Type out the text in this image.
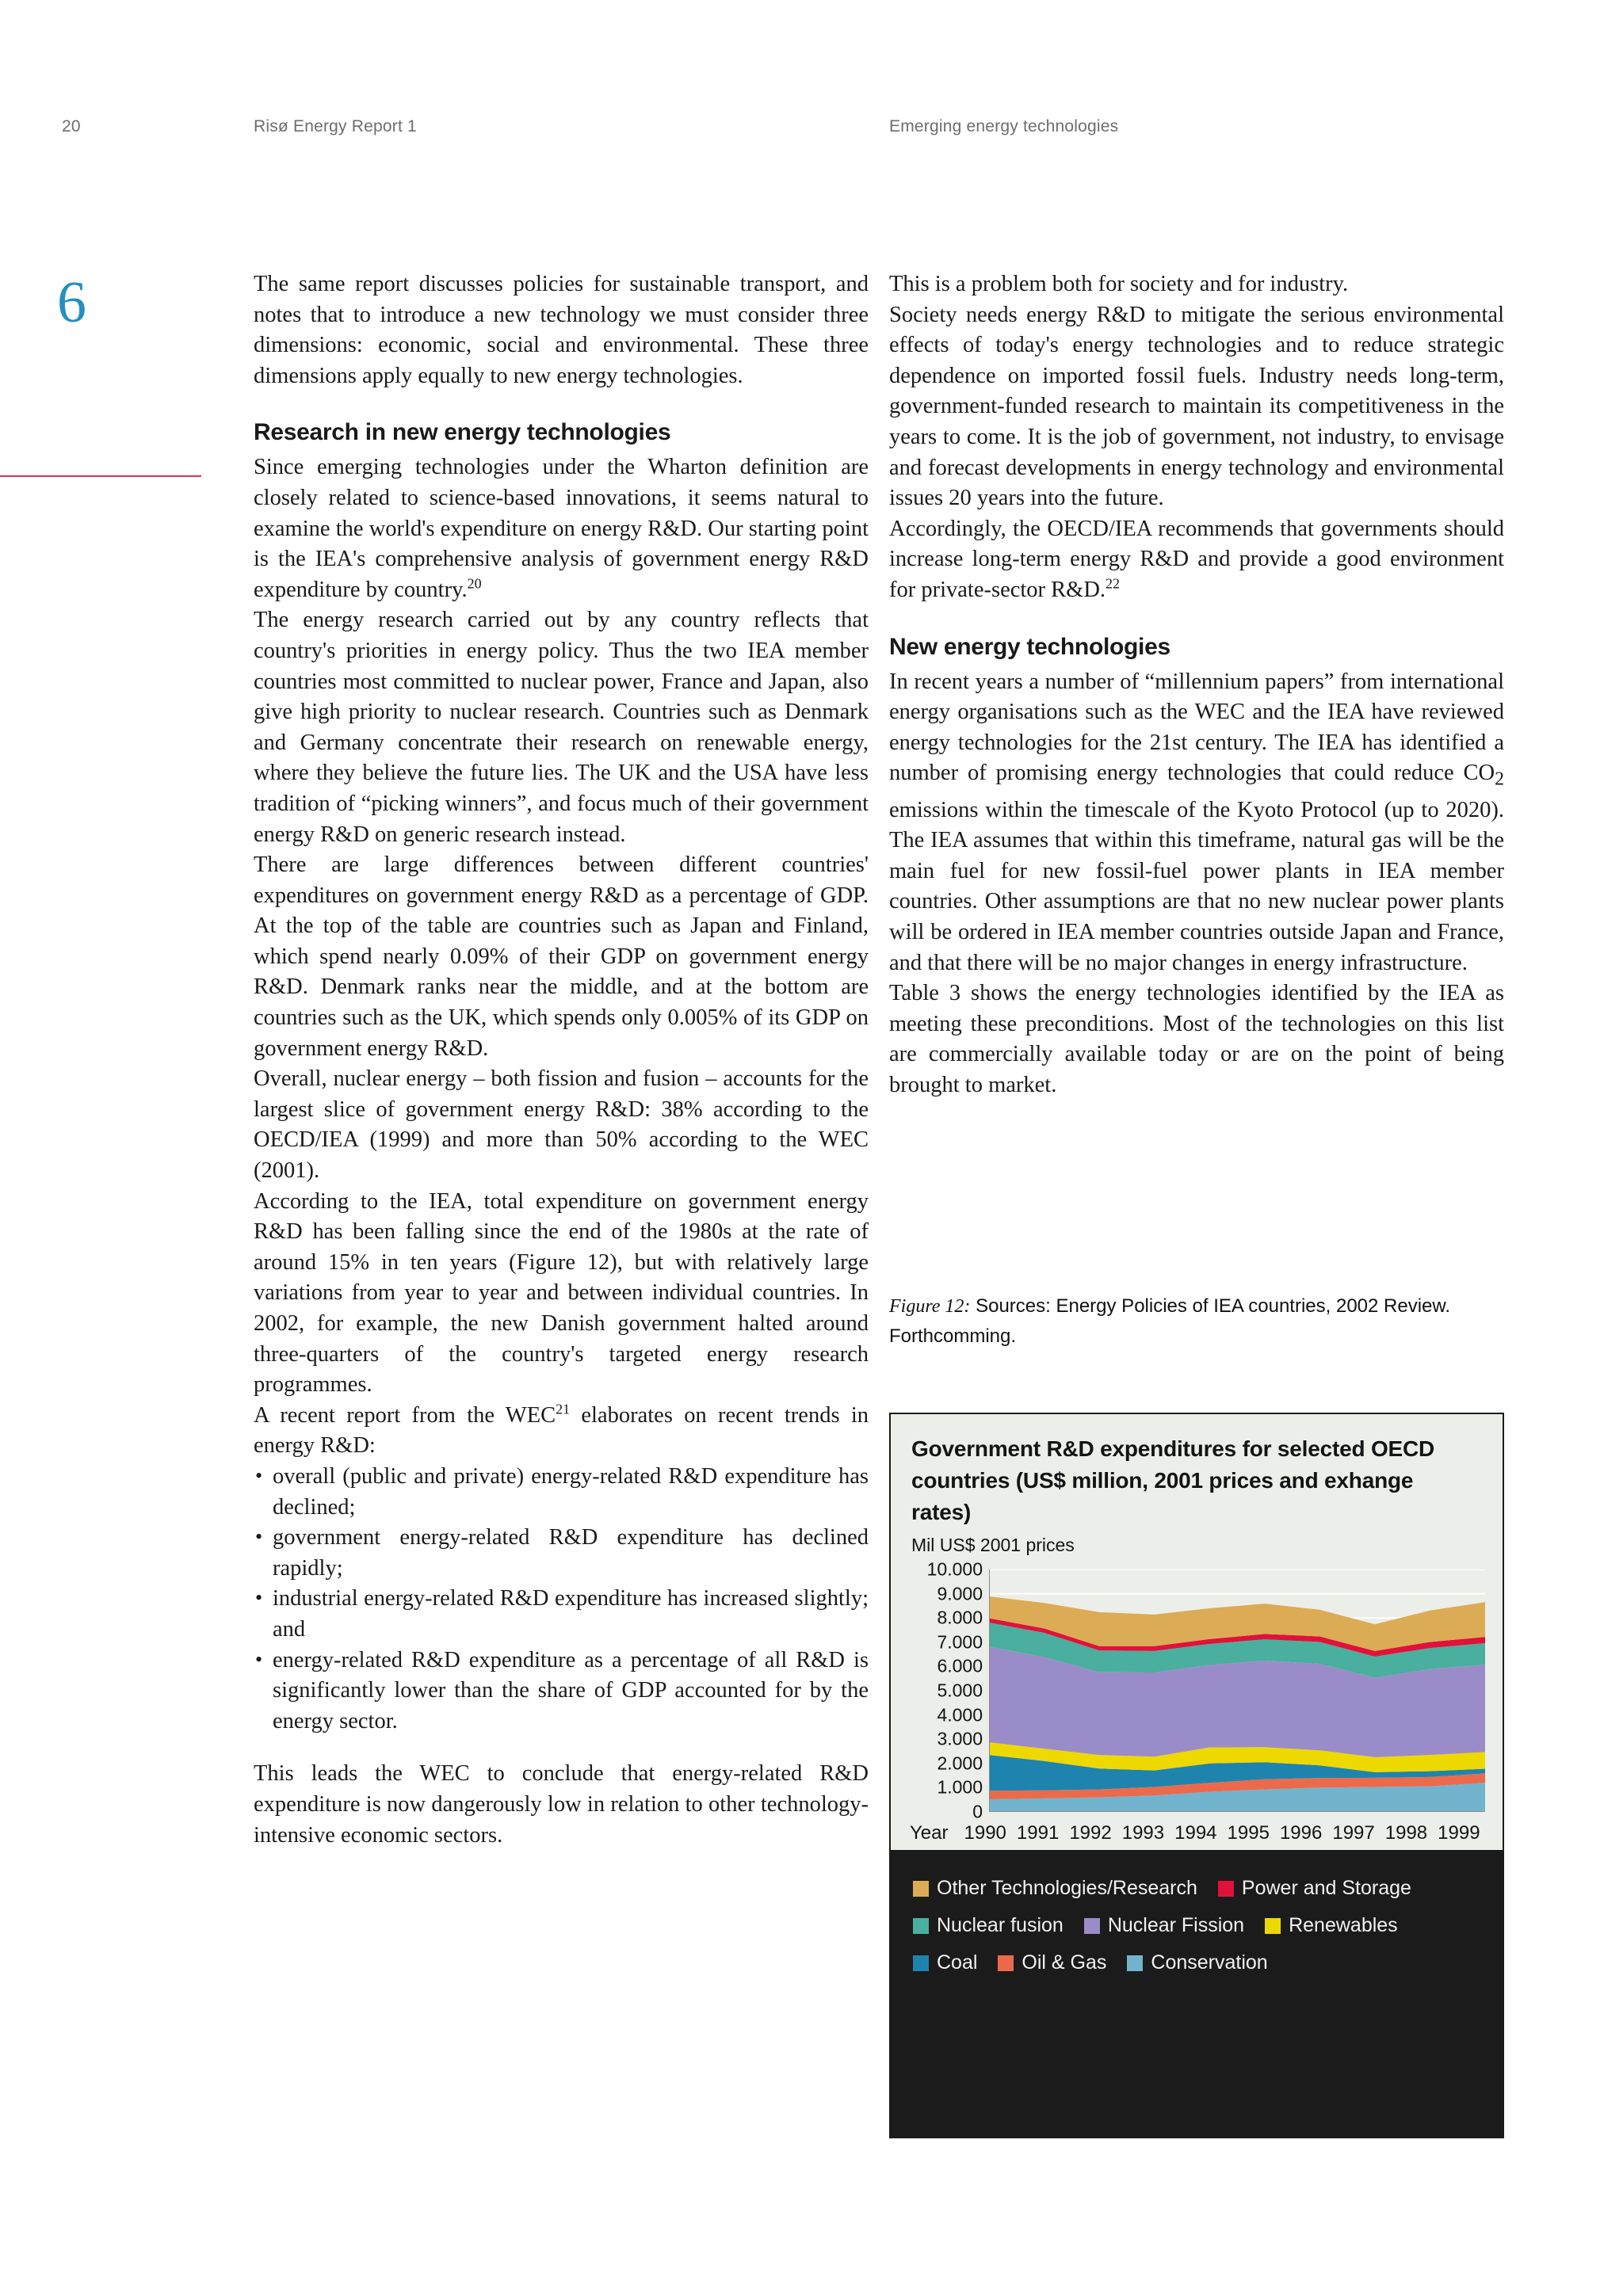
20	Risø Energy Report 1	Emerging energy technologies
6	The same report discusses policies for sustainable transport, and notes that to introduce a new technology we must consider three dimensions: economic, social and environmental. These three dimensions apply equally to new energy technologies.

Research in new energy technologies

Since emerging technologies under the Wharton definition are closely related to science-based innovations, it seems natural to examine the world's expenditure on energy R&D. Our starting point is the IEA's comprehensive analysis of government energy R&D expenditure by country.$^{20}$

The energy research carried out by any country reflects that country's priorities in energy policy. Thus the two IEA member countries most committed to nuclear power, France and Japan, also give high priority to nuclear research. Countries such as Denmark and Germany concentrate their research on renewable energy, where they believe the future lies. The UK and the USA have less tradition of “picking winners”, and focus much of their government energy R&D on generic research instead.

There are large differences between different countries' expenditures on government energy R&D as a percentage of GDP. At the top of the table are countries such as Japan and Finland, which spend nearly 0.09% of their GDP on government energy R&D. Denmark ranks near the middle, and at the bottom are countries such as the UK, which spends only 0.005% of its GDP on government energy R&D.

Overall, nuclear energy – both fission and fusion – accounts for the largest slice of government energy R&D: 38% according to the OECD/IEA (1999) and more than 50% according to the WEC (2001).

According to the IEA, total expenditure on government energy R&D has been falling since the end of the 1980s at the rate of around 15% in ten years (Figure 12), but with relatively large variations from year to year and between individual countries. In 2002, for example, the new Danish government halted around three-quarters of the country's targeted energy research programmes.

A recent report from the WEC$^{21}$ elaborates on recent trends in energy R&D:

• overall (public and private) energy-related R&D expenditure has declined;
• government energy-related R&D expenditure has declined rapidly;
• industrial energy-related R&D expenditure has increased slightly; and
• energy-related R&D expenditure as a percentage of all R&D is significantly lower than the share of GDP accounted for by the energy sector.

This leads the WEC to conclude that energy-related R&D expenditure is now dangerously low in relation to other technology-intensive economic sectors.

This is a problem both for society and for industry.

Society needs energy R&D to mitigate the serious environmental effects of today's energy technologies and to reduce strategic dependence on imported fossil fuels. Industry needs long-term, government-funded research to maintain its competitiveness in the years to come. It is the job of government, not industry, to envisage and forecast developments in energy technology and environmental issues 20 years into the future.

Accordingly, the OECD/IEA recommends that governments should increase long-term energy R&D and provide a good environment for private-sector R&D.$^{22}$

New energy technologies

In recent years a number of “millennium papers” from international energy organisations such as the WEC and the IEA have reviewed energy technologies for the 21st century. The IEA has identified a number of promising energy technologies that could reduce $CO_2$ emissions within the timescale of the Kyoto Protocol (up to 2020). The IEA assumes that within this timeframe, natural gas will be the main fuel for new fossil-fuel power plants in IEA member countries. Other assumptions are that no new nuclear power plants will be ordered in IEA member countries outside Japan and France, and that there will be no major changes in energy infrastructure.

Table 3 shows the energy technologies identified by the IEA as meeting these preconditions. Most of the technologies on this list are commercially available today or are on the point of being brought to market.

Figure 12: Sources: Energy Policies of IEA countries, 2002 Review. Forthcomming.
Government R&D expenditures for selected OECD countries (US$ million, 2001 prices and exhange rates)
Mil US$ 2001 prices
10.000
9.000
8.000
7.000
6.000
5.000
4.000
3.000
2.000
1.000
0
Year 1990 1991 1992 1993 1994 1995 1996 1997 1998 1999
Other Technologies/Research Power and Storage
Nuclear fusion Nuclear Fission Renewables
Coal Oil & Gas Conservation
